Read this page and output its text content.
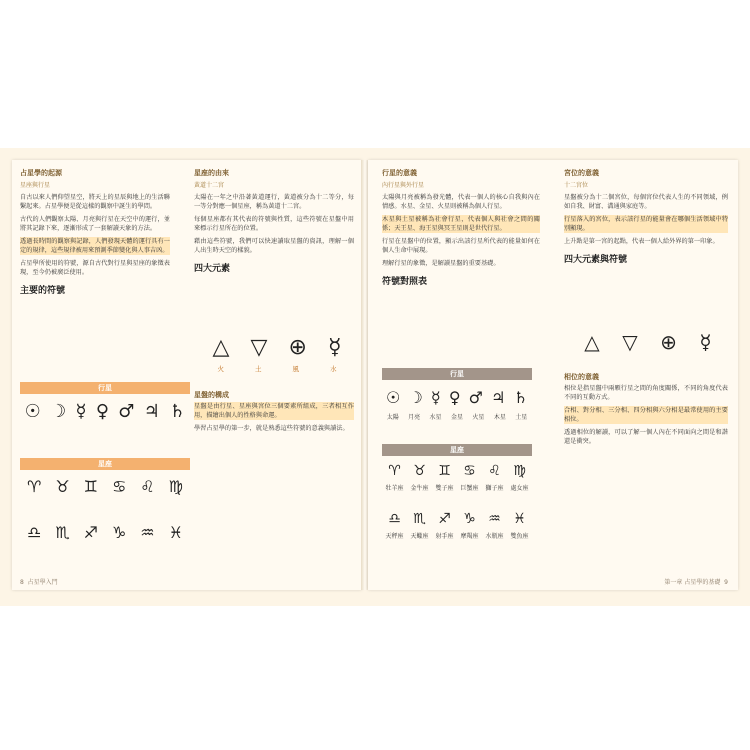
占星學的起源
星座與行星

自古以來人們仰望星空，將天上的星辰與地上的生活聯繫起來。占星學便是從這樣的觀察中誕生的學問。

古代的人們觀察太陽、月亮與行星在天空中的運行，並將其記錄下來，逐漸形成了一套解讀天象的方法。

透過長時間的觀察與記錄，人們發現天體的運行具有一定的規律，這些規律被用來預測季節變化與人事吉凶。

占星學所使用的符號，源自古代對行星與星座的象徵表現，至今仍被廣泛使用。

主要的符號
星座的由來
黃道十二宮

太陽在一年之中沿著黃道運行，黃道被分為十二等分，每一等分對應一個星座，稱為黃道十二宮。

每個星座都有其代表的符號與性質，這些符號在星盤中用來標示行星所在的位置。

藉由這些符號，我們可以快速讀取星盤的資訊，理解一個人出生時天空的樣貌。

四大元素
△ ▽ ⊕ ☿
火	土	風	水
星盤的構成

星盤是由行星、星座與宮位三個要素所組成，三者相互作用，描繪出個人的性格與命運。

學習占星學的第一步，就是熟悉這些符號的意義與讀法。

行星
☉ ☽ ☿ ♀ ♂ ♃ ♄
星座
♈ ♉ ♊ ♋ ♌ ♍
♎ ♏ ♐ ♑ ♒ ♓
8 占星學入門
行星的意義
內行星與外行星

太陽與月亮被稱為發光體，代表一個人的核心自我與內在情感。水星、金星、火星則被稱為個人行星。

木星與土星被稱為社會行星，代表個人與社會之間的關係；天王星、海王星與冥王星則是世代行星。

行星在星盤中的位置，顯示出該行星所代表的能量如何在個人生命中展現。

理解行星的象徵，是解讀星盤的重要基礎。

符號對照表
行星
☉ ☽ ☿ ♀ ♂ ♃ ♄
太陽 月亮 水星 金星 火星 木星 土星
星座
♈ ♉ ♊ ♋ ♌ ♍
牡羊座 金牛座 雙子座 巨蟹座 獅子座 處女座
♎ ♏ ♐ ♑ ♒ ♓
天秤座 天蠍座 射手座 摩羯座 水瓶座 雙魚座
宮位的意義
十二宮位

星盤被分為十二個宮位，每個宮位代表人生的不同領域，例如自我、財富、溝通與家庭等。

行星落入的宮位，表示該行星的能量會在哪個生活領域中特別顯現。

上升點是第一宮的起點，代表一個人給外界的第一印象。

四大元素與符號
△ ▽ ⊕ ☿
相位的意義

相位是指星盤中兩顆行星之間的角度關係，不同的角度代表不同的互動方式。

合相、對分相、三分相、四分相與六分相是最常使用的主要相位。

透過相位的解讀，可以了解一個人內在不同面向之間是和諧還是衝突。

第一章 占星學的基礎 9
